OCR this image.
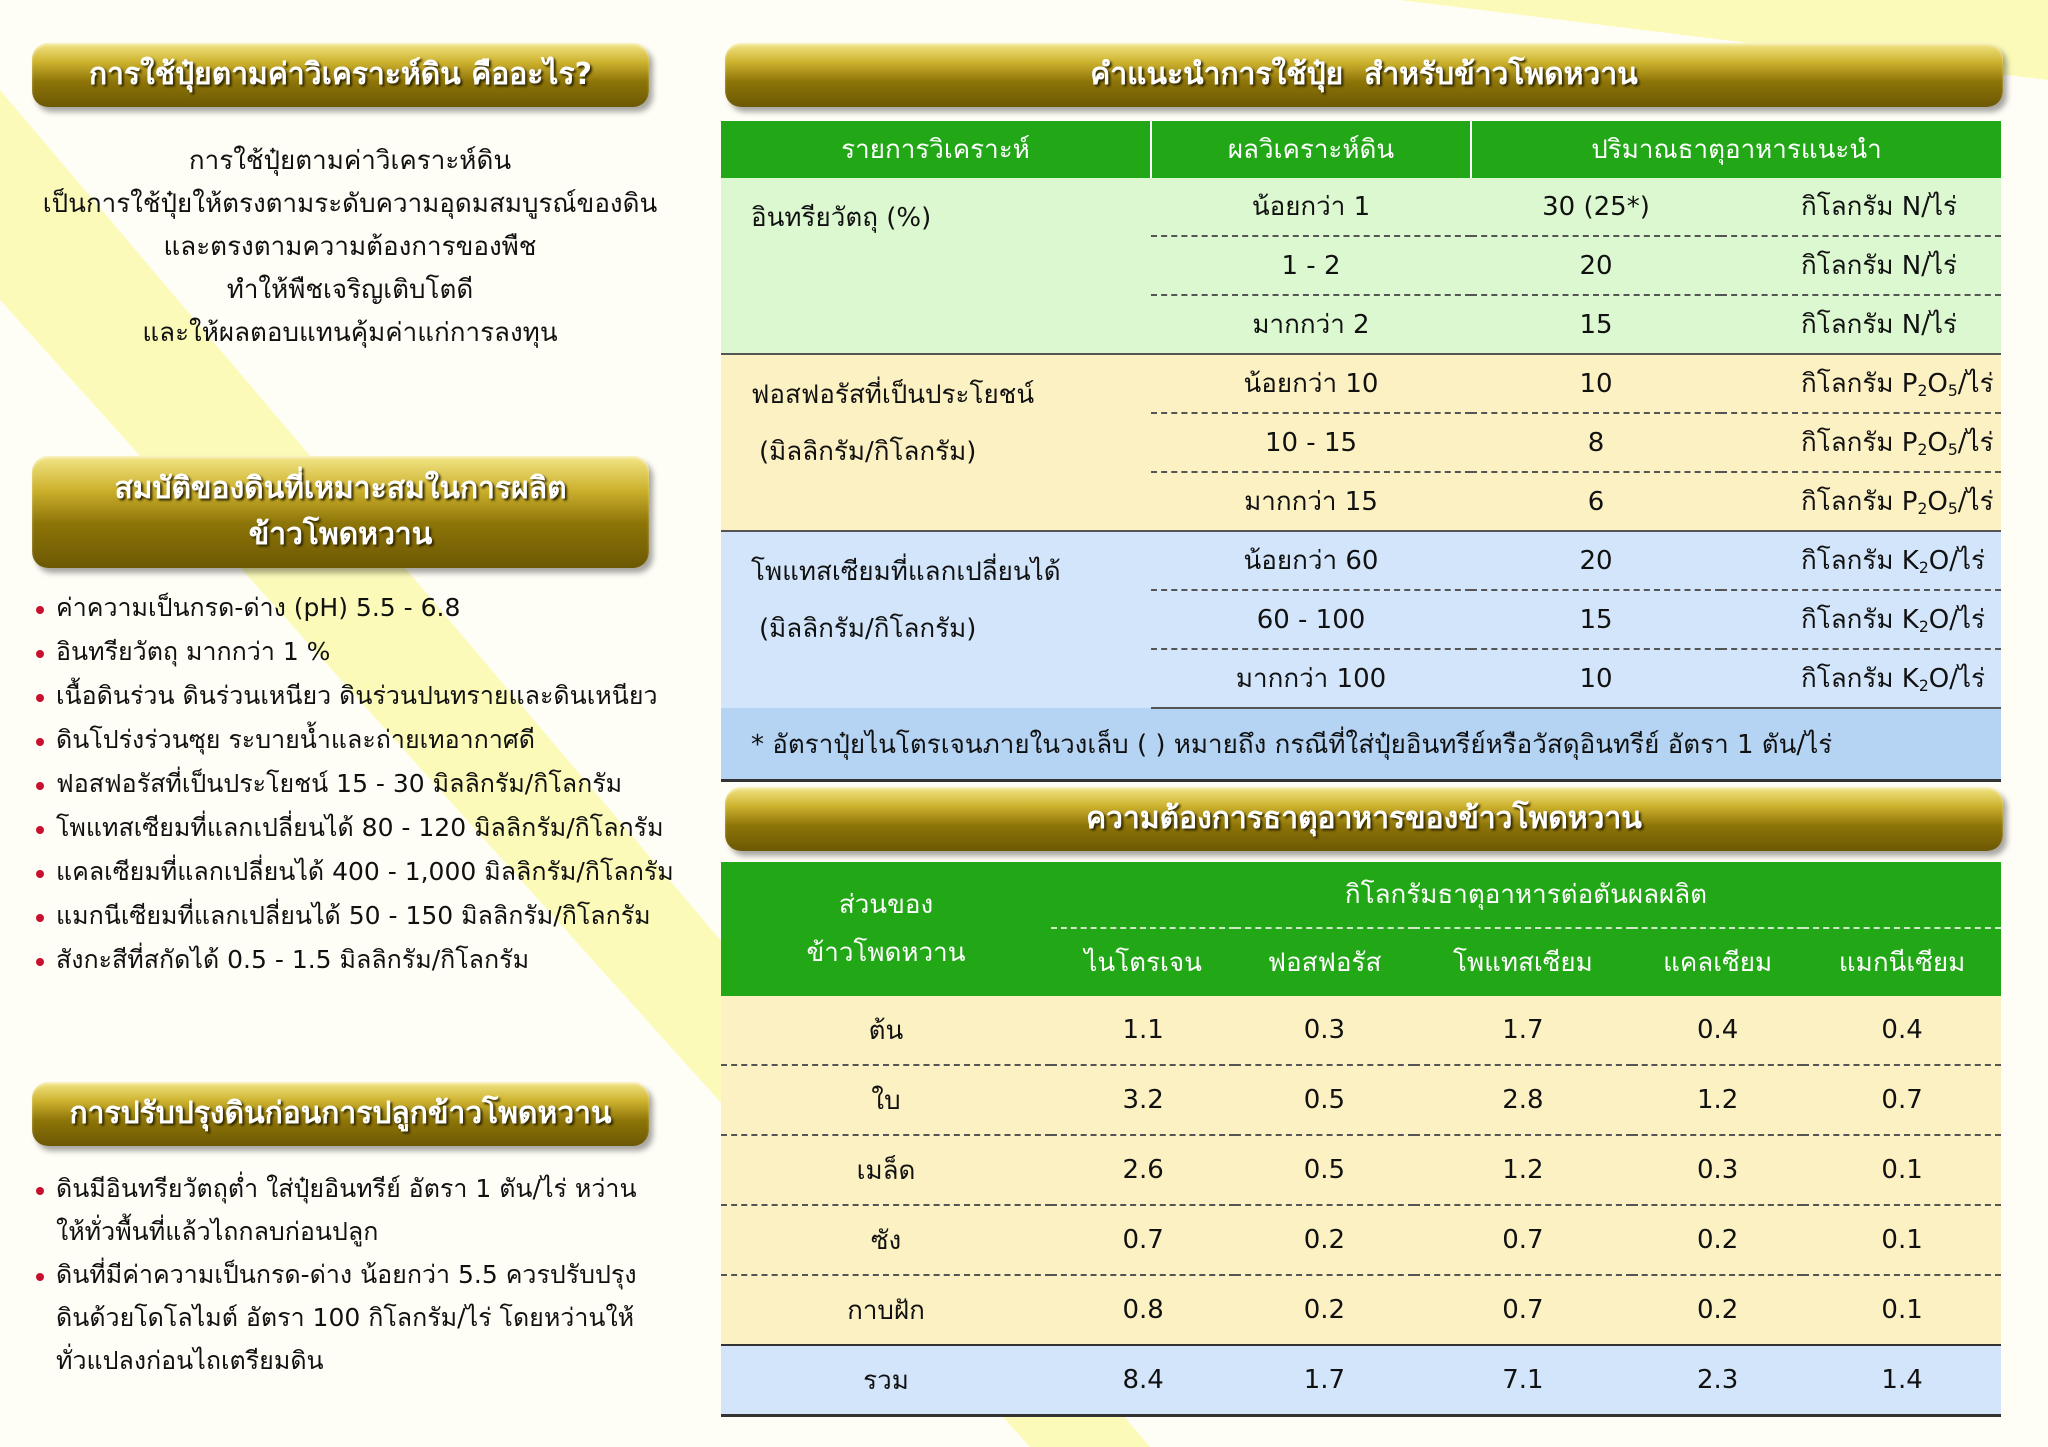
การใช้ปุ๋ยตามค่าวิเคราะห์ดิน คืออะไร?
การใช้ปุ๋ยตามค่าวิเคราะห์ดิน
เป็นการใช้ปุ๋ยให้ตรงตามระดับความอุดมสมบูรณ์ของดิน
และตรงตามความต้องการของพืช
ทำให้พืชเจริญเติบโตดี
และให้ผลตอบแทนคุ้มค่าแก่การลงทุน
สมบัติของดินที่เหมาะสมในการผลิต
ข้าวโพดหวาน
ค่าความเป็นกรด-ด่าง (pH) 5.5 - 6.8
อินทรียวัตถุ มากกว่า 1 %
เนื้อดินร่วน ดินร่วนเหนียว ดินร่วนปนทรายและดินเหนียว
ดินโปร่งร่วนซุย ระบายน้ำและถ่ายเทอากาศดี
ฟอสฟอรัสที่เป็นประโยชน์ 15 - 30 มิลลิกรัม/กิโลกรัม
โพแทสเซียมที่แลกเปลี่ยนได้ 80 - 120 มิลลิกรัม/กิโลกรัม
แคลเซียมที่แลกเปลี่ยนได้ 400 - 1,000 มิลลิกรัม/กิโลกรัม
แมกนีเซียมที่แลกเปลี่ยนได้ 50 - 150 มิลลิกรัม/กิโลกรัม
สังกะสีที่สกัดได้ 0.5 - 1.5 มิลลิกรัม/กิโลกรัม
การปรับปรุงดินก่อนการปลูกข้าวโพดหวาน
ดินมีอินทรียวัตถุต่ำ ใส่ปุ๋ยอินทรีย์ อัตรา 1 ตัน/ไร่ หว่านให้ทั่วพื้นที่แล้วไถกลบก่อนปลูก
ดินที่มีค่าความเป็นกรด-ด่าง น้อยกว่า 5.5 ควรปรับปรุงดินด้วยโดโลไมต์ อัตรา 100 กิโลกรัม/ไร่ โดยหว่านให้ทั่วแปลงก่อนไถเตรียมดิน
คำแนะนำการใช้ปุ๋ย  สำหรับข้าวโพดหวาน
รายการวิเคราะห์	ผลวิเคราะห์ดิน	ปริมาณธาตุอาหารแนะนำ	

อินทรียวัตถุ (%)	น้อยกว่า 1	30 (25*)	กิโลกรัม N/ไร่
	1 - 2	20	กิโลกรัม N/ไร่
	มากกว่า 2	15	กิโลกรัม N/ไร่

ฟอสฟอรัสที่เป็นประโยชน์
(มิลลิกรัม/กิโลกรัม)	น้อยกว่า 10	10	กิโลกรัม $P_2O_5/$ไร่
	10 - 15	8	กิโลกรัม $P_2O_5/$ไร่
	มากกว่า 15	6	กิโลกรัม $P_2O_5/$ไร่

โพแทสเซียมที่แลกเปลี่ยนได้
(มิลลิกรัม/กิโลกรัม)	น้อยกว่า 60	20	กิโลกรัม $K_2O/$ไร่
	60 - 100	15	กิโลกรัม $K_2O/$ไร่
	มากกว่า 100	10	กิโลกรัม $K_2O/$ไร่
* อัตราปุ๋ยไนโตรเจนภายในวงเล็บ ( ) หมายถึง กรณีที่ใส่ปุ๋ยอินทรีย์หรือวัสดุอินทรีย์ อัตรา 1 ตัน/ไร่			
ความต้องการธาตุอาหารของข้าวโพดหวาน
ส่วนของ
ข้าวโพดหวาน	กิโลกรัมธาตุอาหารต่อตันผลผลิต				
	ไนโตรเจน	ฟอสฟอรัส	โพแทสเซียม	แคลเซียม	แมกนีเซียม
ต้น	1.1	0.3	1.7	0.4	0.4
ใบ	3.2	0.5	2.8	1.2	0.7
เมล็ด	2.6	0.5	1.2	0.3	0.1
ซัง	0.7	0.2	0.7	0.2	0.1
กาบฝัก	0.8	0.2	0.7	0.2	0.1
รวม	8.4	1.7	7.1	2.3	1.4
